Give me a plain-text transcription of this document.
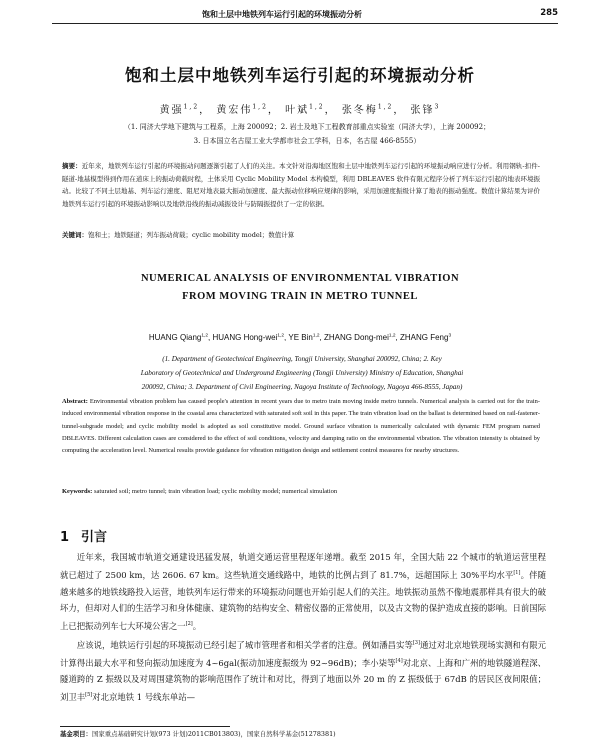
饱和土层中地铁列车运行引起的环境振动分析	285
饱和土层中地铁列车运行引起的环境振动分析
黄强$^{1,2}$， 黄宏伟$^{1,2}$， 叶斌$^{1,2}$， 张冬梅$^{1,2}$， 张锋$^3$
（1. 同济大学地下建筑与工程系，上海 200092；2. 岩土及地下工程教育部重点实验室（同济大学），上海 200092；
3. 日本国立名古屋工业大学都市社会工学科，日本，名古屋 466-8555）
摘要：近年来，地铁列车运行引起的环境振动问题逐渐引起了人们的关注。本文针对沿海地区饱和土层中地铁列车运行引起的环境振动响应进行分析。利用钢轨-扣件-隧道-地基模型得到作用在道床上的振动荷载时程，土体采用 Cyclic Mobility Model 本构模型，利用 DBLEAVES 软件有限元程序分析了列车运行引起的地表环境振动。比较了不同土层地基、列车运行速度、阻尼对地表最大振动加速度、最大振动位移响应规律的影响，采用加速度振级计算了地表的振动强度。数值计算结果为评价地铁列车运行引起的环境振动影响以及地铁沿线的振动减振设计与防隔振提供了一定的依据。
关键词：饱和土；地铁隧道；列车振动荷载；cyclic mobility model；数值计算
NUMERICAL ANALYSIS OF ENVIRONMENTAL VIBRATION
FROM MOVING TRAIN IN METRO TUNNEL
HUANG Qiang$^{1,2}$, HUANG Hong-wei$^{1,2}$, YE Bin$^{1,2}$, ZHANG Dong-mei$^{1,2}$, ZHANG Feng$^3$
(1. Department of Geotechnical Engineering, Tongji University, Shanghai 200092, China; 2. Key
Laboratory of Geotechnical and Underground Engineering (Tongji University) Ministry of Education, Shanghai
200092, China; 3. Department of Civil Engineering, Nagoya Institute of Technology, Nagoya 466-8555, Japan)
Abstract: Environmental vibration problem has caused people's attention in recent years due to metro train moving inside metro tunnels. Numerical analysis is carried out for the train-induced environmental vibration response in the coastal area characterized with saturated soft soil in this paper. The train vibration load on the ballast is determined based on rail-fastener-tunnel-subgrade model; and cyclic mobility model is adopted as soil constitutive model. Ground surface vibration is numerically calculated with dynamic FEM program named DBLEAVES. Different calculation cases are considered to the effect of soil conditions, velocity and damping ratio on the environmental vibration. The vibration intensity is obtained by computing the acceleration level. Numerical results provide guidance for vibration mitigation design and settlement control measures for nearby structures.
Keywords: saturated soil; metro tunnel; train vibration load; cyclic mobility model; numerical simulation
1 引言

近年来，我国城市轨道交通建设迅猛发展，轨道交通运营里程逐年递增。截至 2015 年，全国大陆 22 个城市的轨道运营里程就已超过了 2500 km，达 2606. 67 km。这些轨道交通线路中，地铁的比例占到了 81.7%，远超国际上 30%平均水平[1]。伴随越来越多的地铁线路投入运营，地铁列车运行带来的环境振动问题也开始引起人们的关注。地铁振动虽然不像地震那样具有很大的破坏力，但却对人们的生活学习和身体健康、建筑物的结构安全、精密仪器的正常使用，以及古文物的保护造成直接的影响。日前国际上已把振动列车七大环境公害之一[2]。

应该说，地铁运行引起的环境振动已经引起了城市管理者和相关学者的注意。例如潘昌实等[3]通过对北京地铁现场实测和有限元计算得出最大水平和竖向振动加速度为 4~6gal(振动加速度振级为 92~96dB)；李小柒等[4]对北京、上海和广州的地铁隧道程深、隧道跨的 Z 振级以及对周围建筑物的影响范围作了统计和对比，得到了地面以外 20 m 的 Z 振级低于 67dB 的居民区夜间限值；刘卫丰[5]对北京地铁 1 号线东单站—

基金项目：国家重点基础研究计划(973 计划)2011CB013803)，国家自然科学基金(51278381)
